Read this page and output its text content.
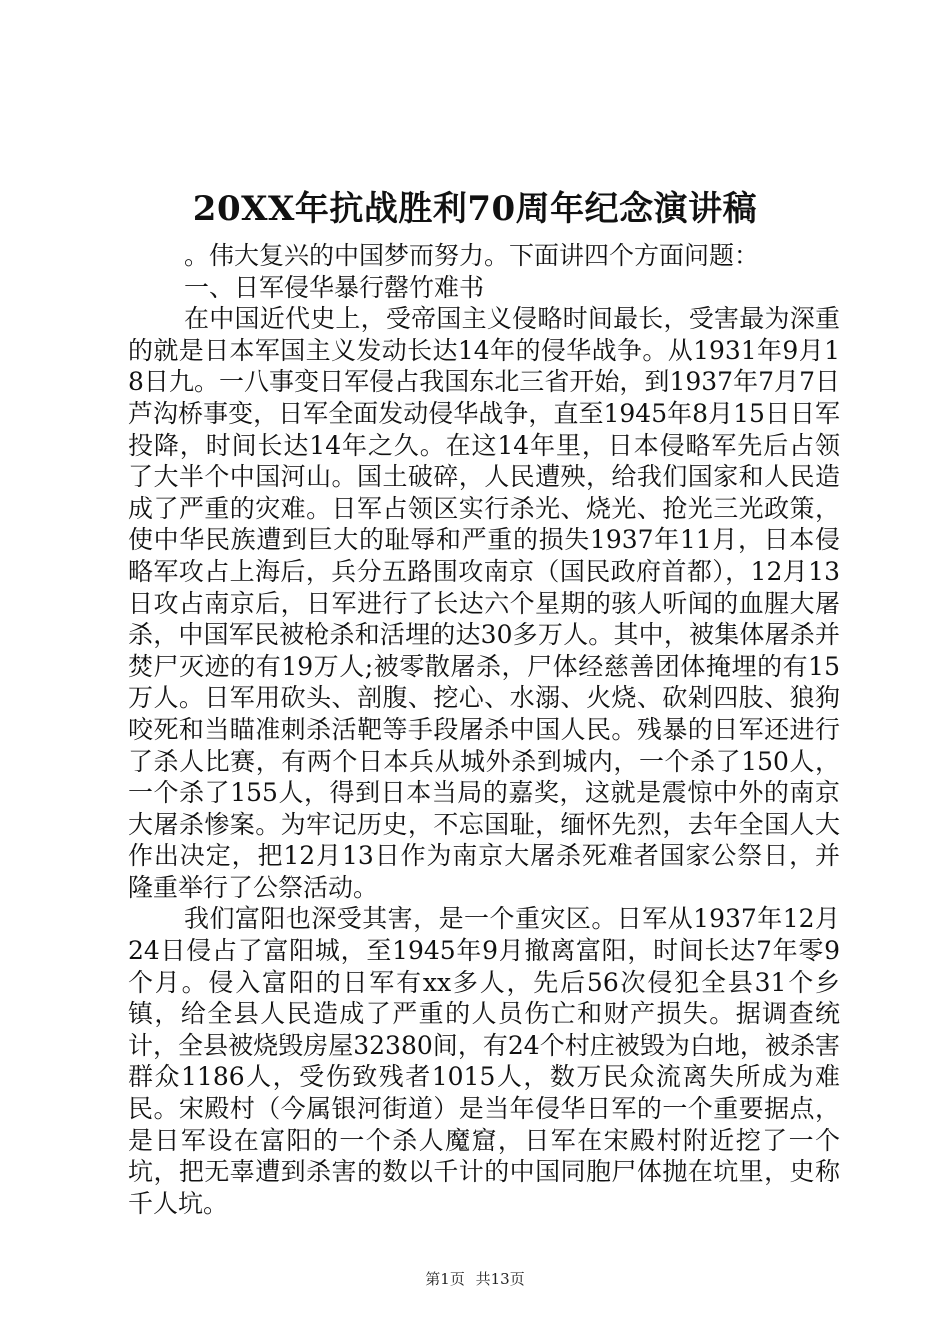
20XX年抗战胜利70周年纪念演讲稿

。伟大复兴的中国梦而努力。下面讲四个方面问题：

一、日军侵华暴行罄竹难书

在中国近代史上，受帝国主义侵略时间最长，受害最为深重的就是日本军国主义发动长达14年的侵华战争。从1931年9月18日九。一八事变日军侵占我国东北三省开始，到1937年7月7日芦沟桥事变，日军全面发动侵华战争，直至1945年8月15日日军投降，时间长达14年之久。在这14年里，日本侵略军先后占领了大半个中国河山。国土破碎，人民遭殃，给我们国家和人民造成了严重的灾难。日军占领区实行杀光、烧光、抢光三光政策，使中华民族遭到巨大的耻辱和严重的损失1937年11月，日本侵略军攻占上海后，兵分五路围攻南京（国民政府首都），12月13日攻占南京后，日军进行了长达六个星期的骇人听闻的血腥大屠杀，中国军民被枪杀和活埋的达30多万人。其中，被集体屠杀并焚尸灭迹的有19万人;被零散屠杀，尸体经慈善团体掩埋的有15万人。日军用砍头、剖腹、挖心、水溺、火烧、砍剁四肢、狼狗咬死和当瞄准刺杀活靶等手段屠杀中国人民。残暴的日军还进行了杀人比赛，有两个日本兵从城外杀到城内，一个杀了150人，一个杀了155人，得到日本当局的嘉奖，这就是震惊中外的南京大屠杀惨案。为牢记历史，不忘国耻，缅怀先烈，去年全国人大作出决定，把12月13日作为南京大屠杀死难者国家公祭日，并隆重举行了公祭活动。

我们富阳也深受其害，是一个重灾区。日军从1937年12月24日侵占了富阳城，至1945年9月撤离富阳，时间长达7年零9个月。侵入富阳的日军有xx多人，先后56次侵犯全县31个乡镇，给全县人民造成了严重的人员伤亡和财产损失。据调查统计，全县被烧毁房屋32380间，有24个村庄被毁为白地，被杀害群众1186人，受伤致残者1015人，数万民众流离失所成为难民。宋殿村（今属银河街道）是当年侵华日军的一个重要据点，是日军设在富阳的一个杀人魔窟，日军在宋殿村附近挖了一个坑，把无辜遭到杀害的数以千计的中国同胞尸体抛在坑里，史称千人坑。

第1页 共13页
